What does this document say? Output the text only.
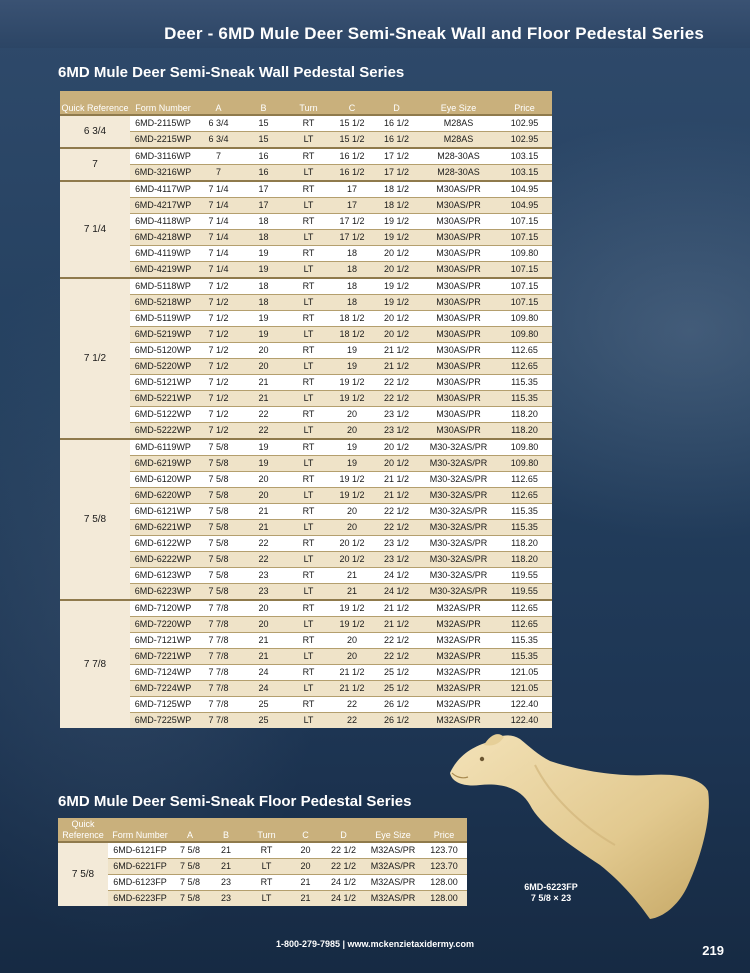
Deer - 6MD Mule Deer Semi-Sneak Wall and Floor Pedestal Series
6MD Mule Deer Semi-Sneak Wall Pedestal Series
Quick Reference	Form Number	A	B	Turn	C	D	Eye Size	Price
6 3/4	6MD-2115WP	6 3/4	15	RT	15 1/2	16 1/2	M28AS	102.95
	6MD-2215WP	6 3/4	15	LT	15 1/2	16 1/2	M28AS	102.95
7	6MD-3116WP	7	16	RT	16 1/2	17 1/2	M28-30AS	103.15
	6MD-3216WP	7	16	LT	16 1/2	17 1/2	M28-30AS	103.15
7 1/4	6MD-4117WP	7 1/4	17	RT	17	18 1/2	M30AS/PR	104.95
	6MD-4217WP	7 1/4	17	LT	17	18 1/2	M30AS/PR	104.95
	6MD-4118WP	7 1/4	18	RT	17 1/2	19 1/2	M30AS/PR	107.15
	6MD-4218WP	7 1/4	18	LT	17 1/2	19 1/2	M30AS/PR	107.15
	6MD-4119WP	7 1/4	19	RT	18	20 1/2	M30AS/PR	109.80
	6MD-4219WP	7 1/4	19	LT	18	20 1/2	M30AS/PR	107.15
7 1/2	6MD-5118WP	7 1/2	18	RT	18	19 1/2	M30AS/PR	107.15
	6MD-5218WP	7 1/2	18	LT	18	19 1/2	M30AS/PR	107.15
	6MD-5119WP	7 1/2	19	RT	18 1/2	20 1/2	M30AS/PR	109.80
	6MD-5219WP	7 1/2	19	LT	18 1/2	20 1/2	M30AS/PR	109.80
	6MD-5120WP	7 1/2	20	RT	19	21 1/2	M30AS/PR	112.65
	6MD-5220WP	7 1/2	20	LT	19	21 1/2	M30AS/PR	112.65
	6MD-5121WP	7 1/2	21	RT	19 1/2	22 1/2	M30AS/PR	115.35
	6MD-5221WP	7 1/2	21	LT	19 1/2	22 1/2	M30AS/PR	115.35
	6MD-5122WP	7 1/2	22	RT	20	23 1/2	M30AS/PR	118.20
	6MD-5222WP	7 1/2	22	LT	20	23 1/2	M30AS/PR	118.20
7 5/8	6MD-6119WP	7 5/8	19	RT	19	20 1/2	M30-32AS/PR	109.80
	6MD-6219WP	7 5/8	19	LT	19	20 1/2	M30-32AS/PR	109.80
	6MD-6120WP	7 5/8	20	RT	19 1/2	21 1/2	M30-32AS/PR	112.65
	6MD-6220WP	7 5/8	20	LT	19 1/2	21 1/2	M30-32AS/PR	112.65
	6MD-6121WP	7 5/8	21	RT	20	22 1/2	M30-32AS/PR	115.35
	6MD-6221WP	7 5/8	21	LT	20	22 1/2	M30-32AS/PR	115.35
	6MD-6122WP	7 5/8	22	RT	20 1/2	23 1/2	M30-32AS/PR	118.20
	6MD-6222WP	7 5/8	22	LT	20 1/2	23 1/2	M30-32AS/PR	118.20
	6MD-6123WP	7 5/8	23	RT	21	24 1/2	M30-32AS/PR	119.55
	6MD-6223WP	7 5/8	23	LT	21	24 1/2	M30-32AS/PR	119.55
7 7/8	6MD-7120WP	7 7/8	20	RT	19 1/2	21 1/2	M32AS/PR	112.65
	6MD-7220WP	7 7/8	20	LT	19 1/2	21 1/2	M32AS/PR	112.65
	6MD-7121WP	7 7/8	21	RT	20	22 1/2	M32AS/PR	115.35
	6MD-7221WP	7 7/8	21	LT	20	22 1/2	M32AS/PR	115.35
	6MD-7124WP	7 7/8	24	RT	21 1/2	25 1/2	M32AS/PR	121.05
	6MD-7224WP	7 7/8	24	LT	21 1/2	25 1/2	M32AS/PR	121.05
	6MD-7125WP	7 7/8	25	RT	22	26 1/2	M32AS/PR	122.40
	6MD-7225WP	7 7/8	25	LT	22	26 1/2	M32AS/PR	122.40
6MD Mule Deer Semi-Sneak Floor Pedestal Series
Quick Reference	Form Number	A	B	Turn	C	D	Eye Size	Price
7 5/8	6MD-6121FP	7 5/8	21	RT	20	22 1/2	M32AS/PR	123.70
	6MD-6221FP	7 5/8	21	LT	20	22 1/2	M32AS/PR	123.70
	6MD-6123FP	7 5/8	23	RT	21	24 1/2	M32AS/PR	128.00
	6MD-6223FP	7 5/8	23	LT	21	24 1/2	M32AS/PR	128.00
6MD-6223FP
7 5/8 × 23
1-800-279-7985 | www.mckenzietaxidermy.com	219
